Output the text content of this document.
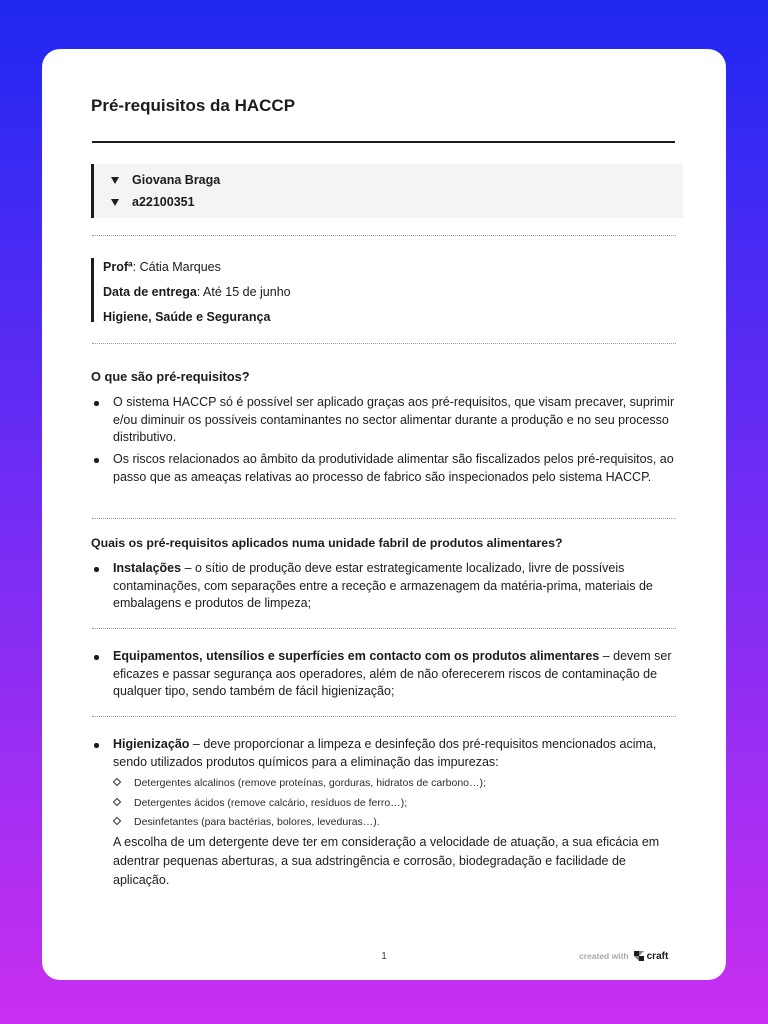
Pré-requisitos da HACCP
Giovana Braga
a22100351
Profª: Cátia Marques
Data de entrega: Até 15 de junho
Higiene, Saúde e Segurança
O que são pré-requisitos?
O sistema HACCP só é possível ser aplicado graças aos pré-requisitos, que visam precaver, suprimir e/ou diminuir os possíveis contaminantes no sector alimentar durante a produção e no seu processo distributivo.
Os riscos relacionados ao âmbito da produtividade alimentar são fiscalizados pelos pré-requisitos, ao passo que as ameaças relativas ao processo de fabrico são inspecionados pelo sistema HACCP.
Quais os pré-requisitos aplicados numa unidade fabril de produtos alimentares?
Instalações – o sítio de produção deve estar estrategicamente localizado, livre de possíveis contaminações, com separações entre a receção e armazenagem da matéria-prima, materiais de embalagens e produtos de limpeza;
Equipamentos, utensílios e superfícies em contacto com os produtos alimentares – devem ser eficazes e passar segurança aos operadores, além de não oferecerem riscos de contaminação de qualquer tipo, sendo também de fácil higienização;
Higienização – deve proporcionar a limpeza e desinfeção dos pré-requisitos mencionados acima, sendo utilizados produtos químicos para a eliminação das impurezas:
Detergentes alcalinos (remove proteínas, gorduras, hidratos de carbono…);
Detergentes ácidos (remove calcário, resíduos de ferro…);
Desinfetantes (para bactérias, bolores, leveduras…).
A escolha de um detergente deve ter em consideração a velocidade de atuação, a sua eficácia em adentrar pequenas aberturas, a sua adstringência e corrosão, biodegradação e facilidade de aplicação.
1	created with craft
